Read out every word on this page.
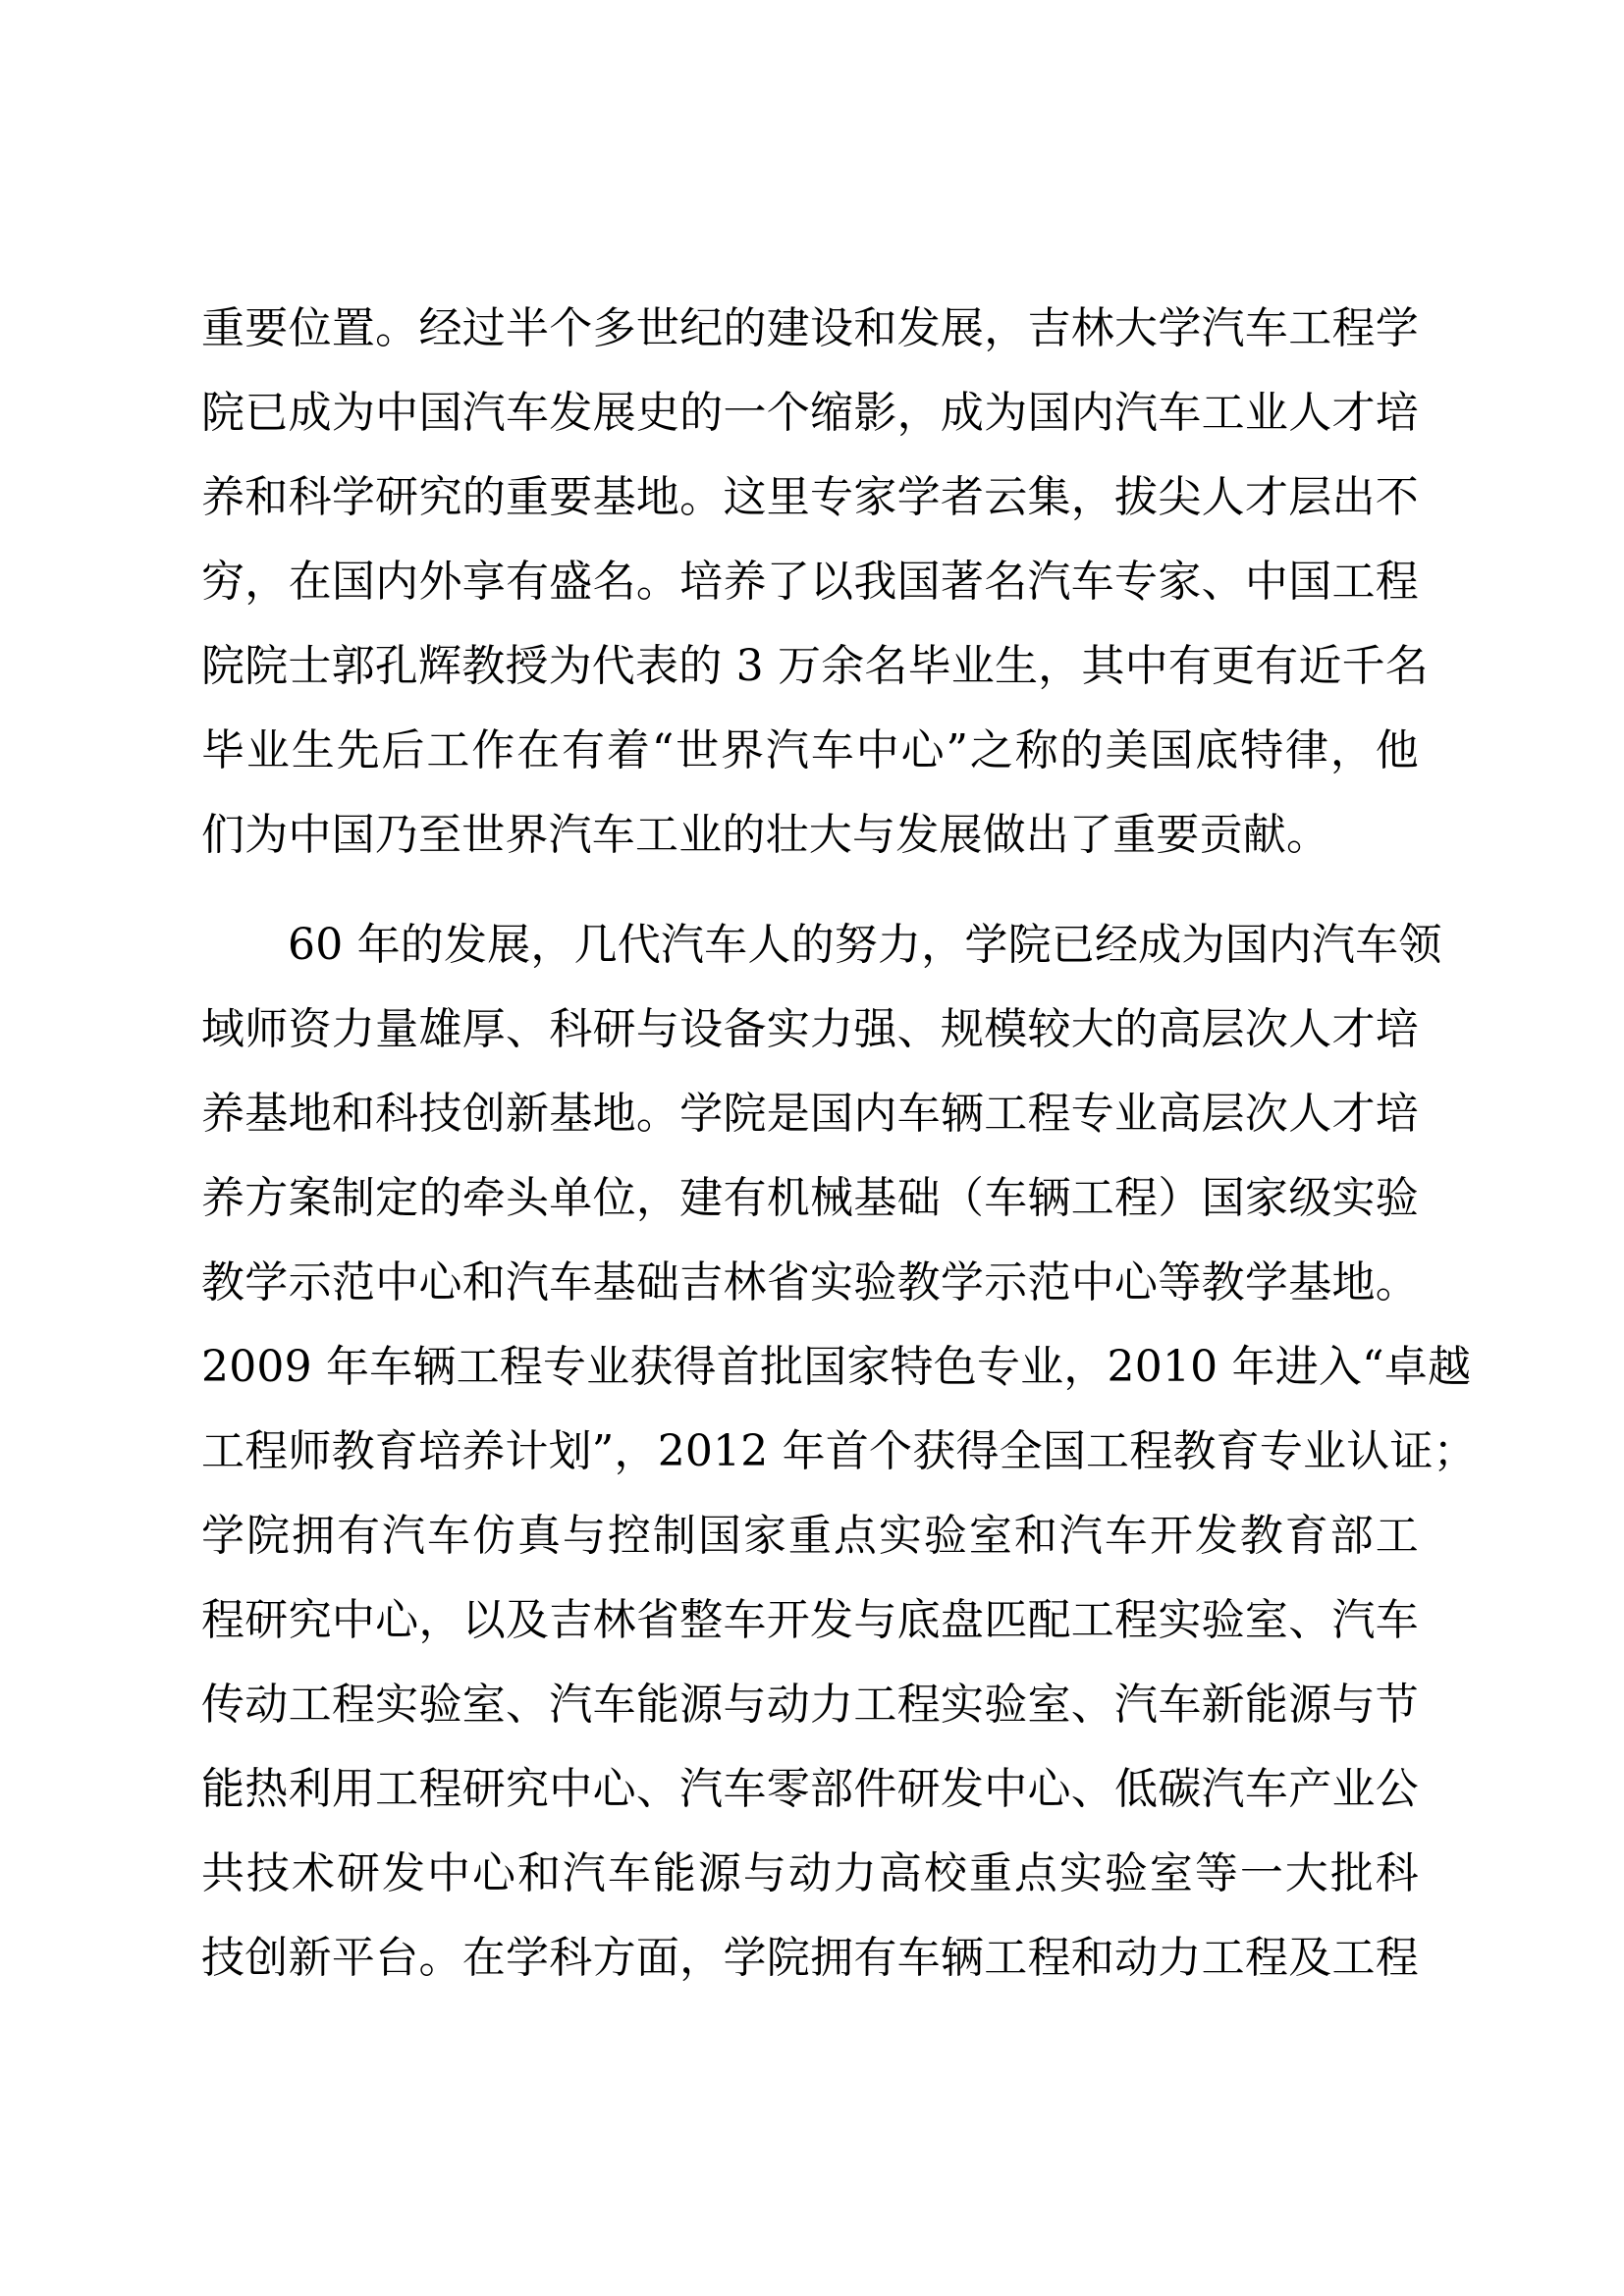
重要位置。经过半个多世纪的建设和发展，吉林大学汽车工程学
院已成为中国汽车发展史的一个缩影，成为国内汽车工业人才培
养和科学研究的重要基地。这里专家学者云集，拔尖人才层出不
穷，在国内外享有盛名。培养了以我国著名汽车专家、中国工程
院院士郭孔辉教授为代表的 3 万余名毕业生，其中有更有近千名
毕业生先后工作在有着“世界汽车中心”之称的美国底特律，他
们为中国乃至世界汽车工业的壮大与发展做出了重要贡献。
60 年的发展，几代汽车人的努力，学院已经成为国内汽车领
域师资力量雄厚、科研与设备实力强、规模较大的高层次人才培
养基地和科技创新基地。学院是国内车辆工程专业高层次人才培
养方案制定的牵头单位，建有机械基础（车辆工程）国家级实验
教学示范中心和汽车基础吉林省实验教学示范中心等教学基地。
2009 年车辆工程专业获得首批国家特色专业，2010 年进入“卓越
工程师教育培养计划”，2012 年首个获得全国工程教育专业认证；
学院拥有汽车仿真与控制国家重点实验室和汽车开发教育部工
程研究中心，以及吉林省整车开发与底盘匹配工程实验室、汽车
传动工程实验室、汽车能源与动力工程实验室、汽车新能源与节
能热利用工程研究中心、汽车零部件研发中心、低碳汽车产业公
共技术研发中心和汽车能源与动力高校重点实验室等一大批科
技创新平台。在学科方面，学院拥有车辆工程和动力工程及工程
